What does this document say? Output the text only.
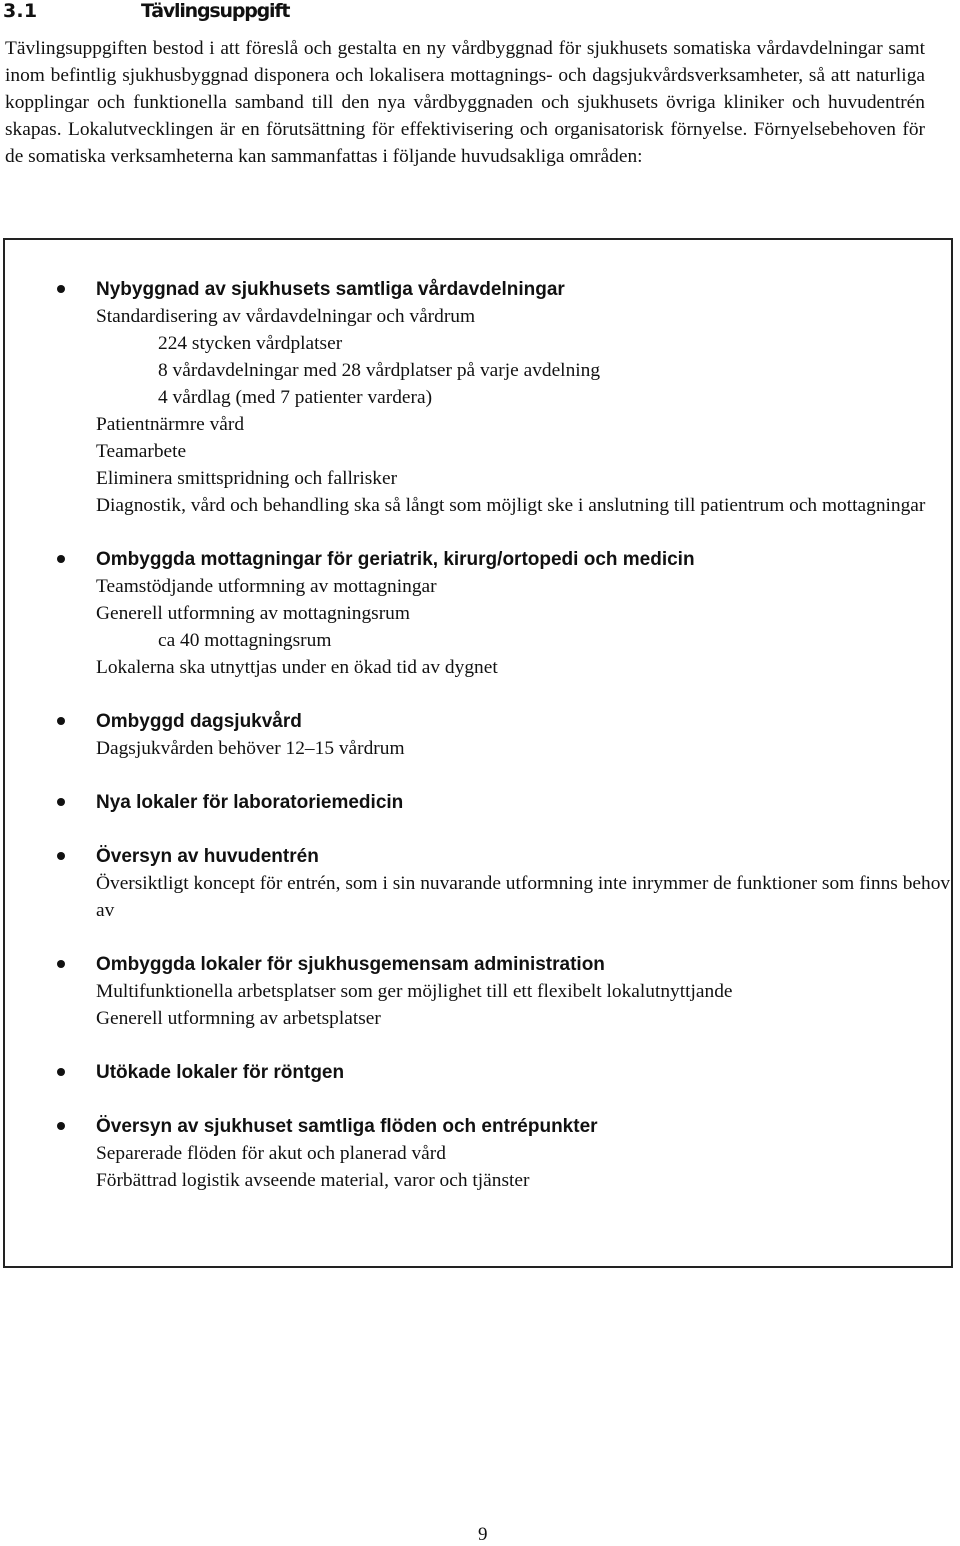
3.1	Tävlingsuppgift

Tävlingsuppgiften bestod i att föreslå och gestalta en ny vårdbyggnad för sjukhusets somatiska vårdavdelningar samt inom befintlig sjukhusbyggnad disponera och lokalisera mottagnings- och dagsjukvårdsverksamheter, så att naturliga kopplingar och funktionella samband till den nya vårdbyggnaden och sjukhusets övriga kliniker och huvudentrén skapas. Lokalutvecklingen är en förutsättning för effektivisering och organisatorisk förnyelse. Förnyelsebehoven för de somatiska verksamheterna kan sammanfattas i följande huvudsakliga områden:

Nybyggnad av sjukhusets samtliga vårdavdelningar

Standardisering av vårdavdelningar och vårdrum

224 stycken vårdplatser

8 vårdavdelningar med 28 vårdplatser på varje avdelning

4 vårdlag (med 7 patienter vardera)

Patientnärmre vård

Teamarbete

Eliminera smittspridning och fallrisker

Diagnostik, vård och behandling ska så långt som möjligt ske i anslutning till patientrum och mottagningar

Ombyggda mottagningar för geriatrik, kirurg/ortopedi och medicin

Teamstödjande utformning av mottagningar

Generell utformning av mottagningsrum

ca 40 mottagningsrum

Lokalerna ska utnyttjas under en ökad tid av dygnet

Ombyggd dagsjukvård

Dagsjukvården behöver 12–15 vårdrum

Nya lokaler för laboratoriemedicin
Översyn av huvudentrén

Översiktligt koncept för entrén, som i sin nuvarande utformning inte inrymmer de funktioner som finns behov av

Ombyggda lokaler för sjukhusgemensam administration

Multifunktionella arbetsplatser som ger möjlighet till ett flexibelt lokalutnyttjande

Generell utformning av arbetsplatser

Utökade lokaler för röntgen
Översyn av sjukhuset samtliga flöden och entrépunkter

Separerade flöden för akut och planerad vård

Förbättrad logistik avseende material, varor och tjänster

9
